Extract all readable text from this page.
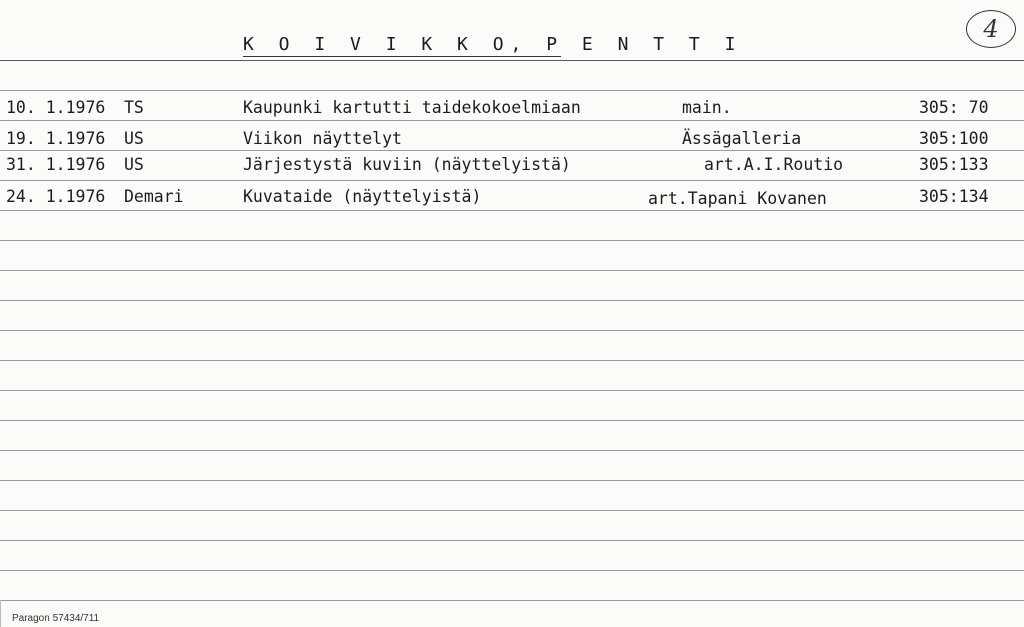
K O I V I K K O, P E N T T I
4
10. 1.1976 TS	Kaupunki kartutti taidekokoelmiaan	main.	305: 70
19. 1.1976 US	Viikon näyttelyt	Ässägalleria	305:100
31. 1.1976 US	Järjestystä kuviin (näyttelyistä)	art.A.I.Routio	305:133
24. 1.1976 Demari	Kuvataide (näyttelyistä)	art.Tapani Kovanen	305:134
Paragon 57434/711
